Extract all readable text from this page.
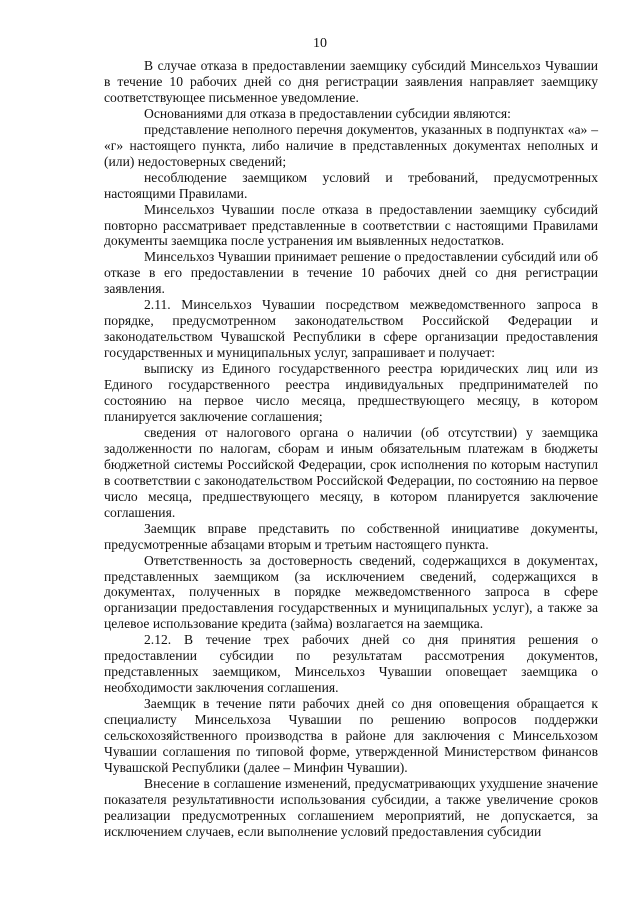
10

В случае отказа в предоставлении заемщику субсидий Минсельхоз Чувашии в течение 10 рабочих дней со дня регистрации заявления направляет заемщику соответствующее письменное уведомление.

Основаниями для отказа в предоставлении субсидии являются:

представление неполного перечня документов, указанных в подпунктах «а» – «г» настоящего пункта, либо наличие в представленных документах неполных и (или) недостоверных сведений;

несоблюдение заемщиком условий и требований, предусмотренных настоящими Правилами.

Минсельхоз Чувашии после отказа в предоставлении заемщику субсидий повторно рассматривает представленные в соответствии с настоящими Правилами документы заемщика после устранения им выявленных недостатков.

Минсельхоз Чувашии принимает решение о предоставлении субсидий или об отказе в его предоставлении в течение 10 рабочих дней со дня регистрации заявления.

2.11. Минсельхоз Чувашии посредством межведомственного запроса в порядке, предусмотренном законодательством Российской Федерации и законодательством Чувашской Республики в сфере организации предоставления государственных и муниципальных услуг, запрашивает и получает:

выписку из Единого государственного реестра юридических лиц или из Единого государственного реестра индивидуальных предпринимателей по состоянию на первое число месяца, предшествующего месяцу, в котором планируется заключение соглашения;

сведения от налогового органа о наличии (об отсутствии) у заемщика задолженности по налогам, сборам и иным обязательным платежам в бюджеты бюджетной системы Российской Федерации, срок исполнения по которым наступил в соответствии с законодательством Российской Федерации, по состоянию на первое число месяца, предшествующего месяцу, в котором планируется заключение соглашения.

Заемщик вправе представить по собственной инициативе документы, предусмотренные абзацами вторым и третьим настоящего пункта.

Ответственность за достоверность сведений, содержащихся в документах, представленных заемщиком (за исключением сведений, содержащихся в документах, полученных в порядке межведомственного запроса в сфере организации предоставления государственных и муниципальных услуг), а также за целевое использование кредита (займа) возлагается на заемщика.

2.12. В течение трех рабочих дней со дня принятия решения о предоставлении субсидии по результатам рассмотрения документов, представленных заемщиком, Минсельхоз Чувашии оповещает заемщика о необходимости заключения соглашения.

Заемщик в течение пяти рабочих дней со дня оповещения обращается к специалисту Минсельхоза Чувашии по решению вопросов поддержки сельскохозяйственного производства в районе для заключения с Минсельхозом Чувашии соглашения по типовой форме, утвержденной Министерством финансов Чувашской Республики (далее – Минфин Чувашии).

Внесение в соглашение изменений, предусматривающих ухудшение значение показателя результативности использования субсидии, а также увеличение сроков реализации предусмотренных соглашением мероприятий, не допускается, за исключением случаев, если выполнение условий предоставления субсидии
